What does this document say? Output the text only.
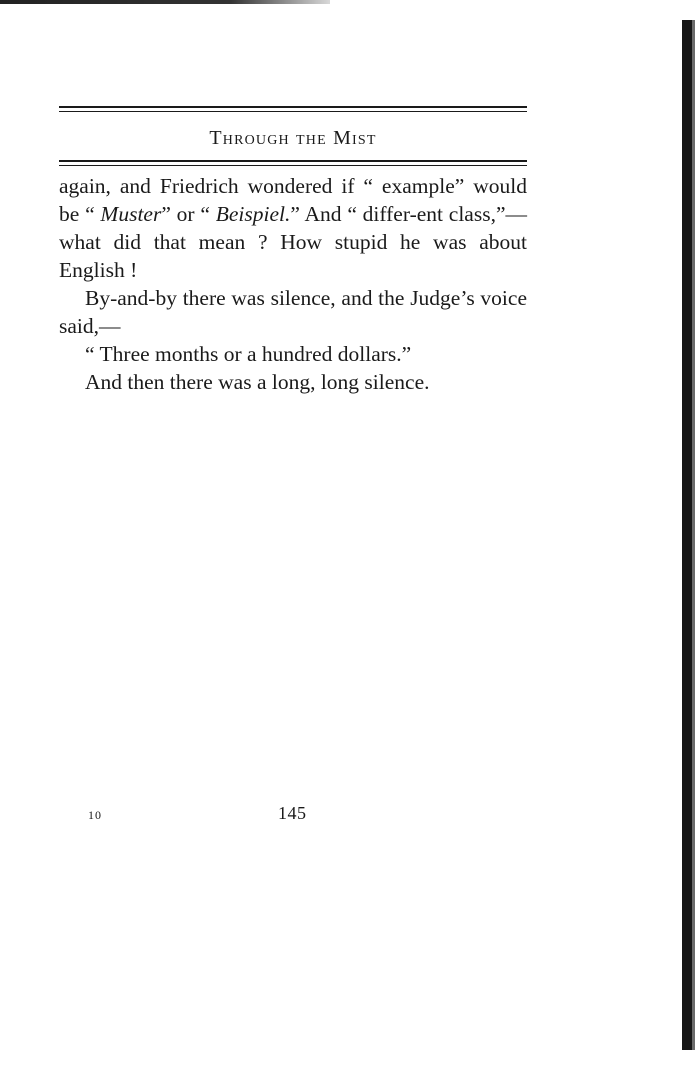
Through the Mist

again, and Friedrich wondered if “ example” would be “ Muster” or “ Beispiel.” And “ differ-ent class,”—what did that mean ? How stupid he was about English !

By-and-by there was silence, and the Judge’s voice said,—

“ Three months or a hundred dollars.”

And then there was a long, long silence.

10	145
